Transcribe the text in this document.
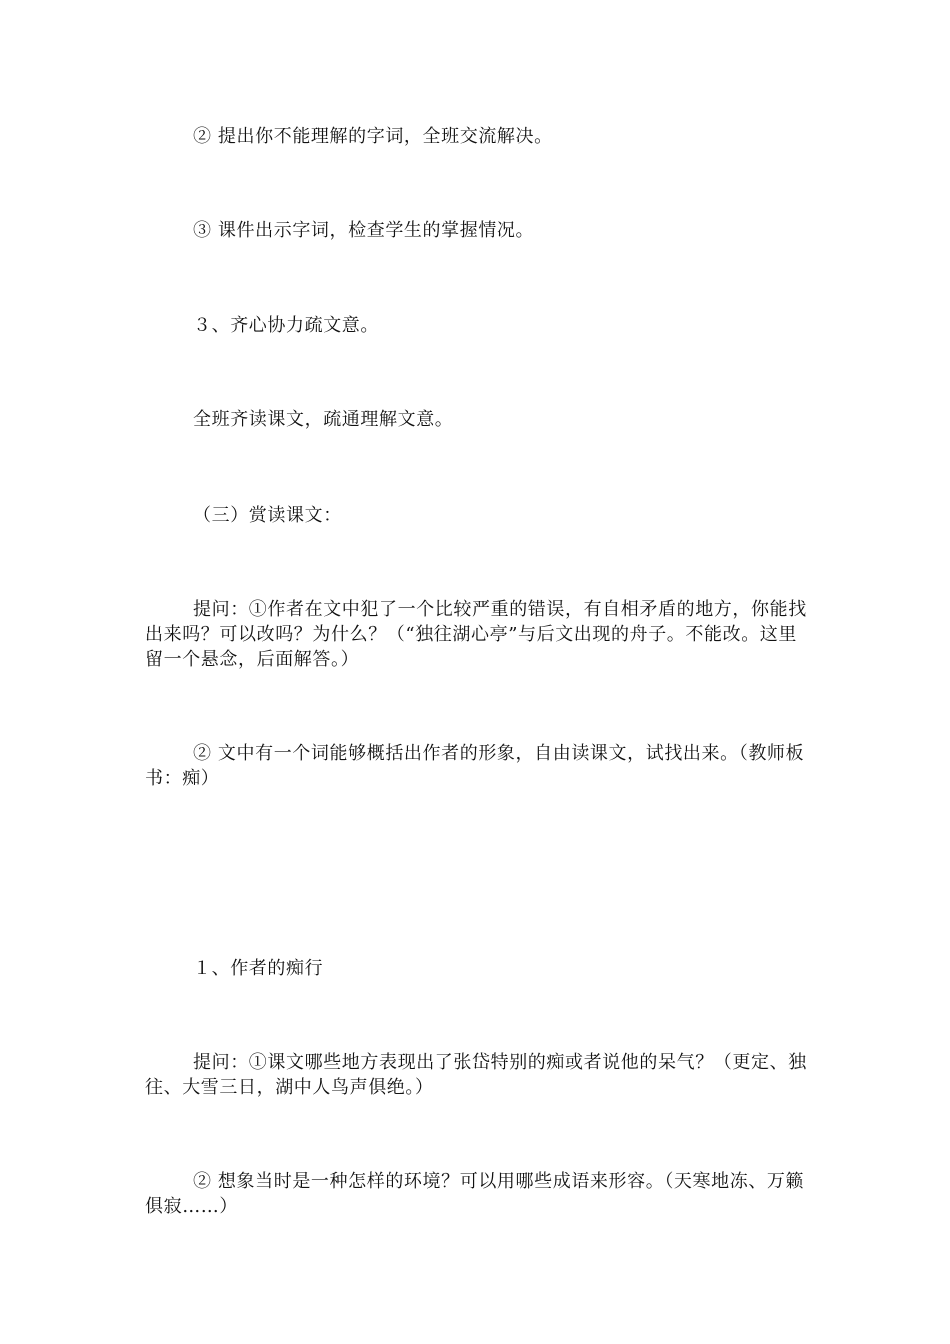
② 提出你不能理解的字词，全班交流解决。

③ 课件出示字词，检查学生的掌握情况。

３、齐心协力疏文意。

全班齐读课文，疏通理解文意。

（三）赏读课文：

提问：①作者在文中犯了一个比较严重的错误，有自相矛盾的地方，你能找出来吗？可以改吗？为什么？（“独往湖心亭”与后文出现的舟子。不能改。这里留一个悬念，后面解答。）

② 文中有一个词能够概括出作者的形象，自由读课文，试找出来。（教师板书：痴）

１、作者的痴行

提问：①课文哪些地方表现出了张岱特别的痴或者说他的呆气？（更定、独往、大雪三日，湖中人鸟声俱绝。）

② 想象当时是一种怎样的环境？可以用哪些成语来形容。（天寒地冻、万籁俱寂……）
